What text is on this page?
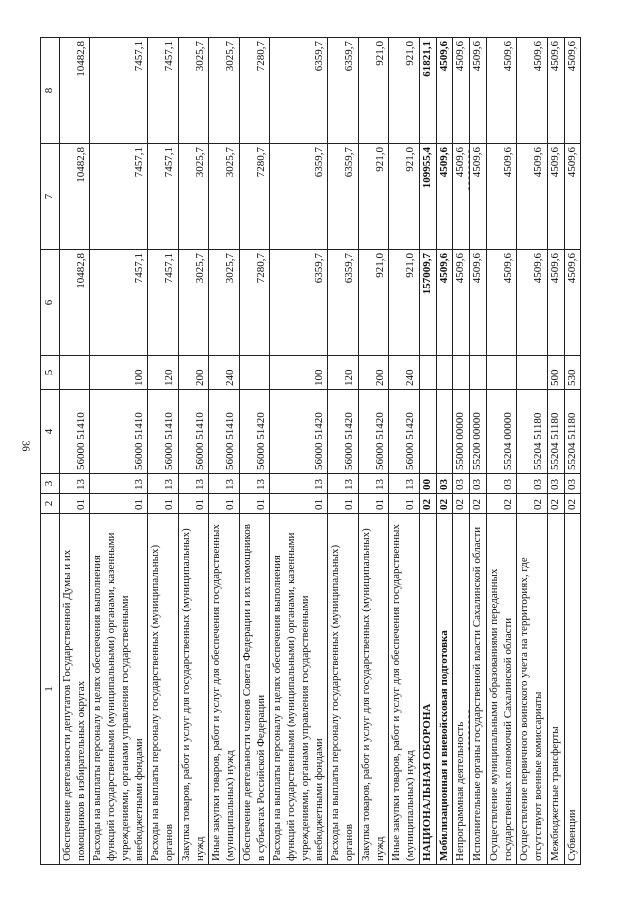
36
1	2	3	4	5	6	7	8
Обеспечение деятельности депутатов Государственной Думы и их помощников в избирательных округах	01	13	56000 51410		10482,8	10482,8	10482,8
Расходы на выплаты персоналу в целях обеспечения выполнения функций государственными (муниципальными) органами, казенными учреждениями, органами управления государственными внебюджетными фондами	01	13	56000 51410	100	7457,1	7457,1	7457,1
Расходы на выплаты персоналу государственных (муниципальных) органов	01	13	56000 51410	120	7457,1	7457,1	7457,1
Закупка товаров, работ и услуг для государственных (муниципальных) нужд	01	13	56000 51410	200	3025,7	3025,7	3025,7
Иные закупки товаров, работ и услуг для обеспечения государственных (муниципальных) нужд	01	13	56000 51410	240	3025,7	3025,7	3025,7
Обеспечение деятельности членов Совета Федерации и их помощников в субъектах Российской Федерации	01	13	56000 51420		7280,7	7280,7	7280,7
Расходы на выплаты персоналу в целях обеспечения выполнения функций государственными (муниципальными) органами, казенными учреждениями, органами управления государственными внебюджетными фондами	01	13	56000 51420	100	6359,7	6359,7	6359,7
Расходы на выплаты персоналу государственных (муниципальных) органов	01	13	56000 51420	120	6359,7	6359,7	6359,7
Закупка товаров, работ и услуг для государственных (муниципальных) нужд	01	13	56000 51420	200	921,0	921,0	921,0
Иные закупки товаров, работ и услуг для обеспечения государственных (муниципальных) нужд	01	13	56000 51420	240	921,0	921,0	921,0
НАЦИОНАЛЬНАЯ ОБОРОНА	02	00			157009,7	109955,4	61821,1
Мобилизационная и вневойсковая подготовка	02	03			4509,6	4509,6	4509,6
Непрограммная деятельность	02	03	55000 00000		4509,6	4509,6	4509,6
Исполнительные органы государственной власти Сахалинской области	02	03	55200 00000		4509,6	4509,6	4509,6
Осуществление муниципальными образованиями переданных государственных полномочий Сахалинской области	02	03	55204 00000		4509,6	4509,6	4509,6
Осуществление первичного воинского учета на территориях, где отсутствуют военные комиссариаты	02	03	55204 51180		4509,6	4509,6	4509,6
Межбюджетные трансферты	02	03	55204 51180	500	4509,6	4509,6	4509,6
Субвенции	02	03	55204 51180	530	4509,6	4509,6	4509,6
